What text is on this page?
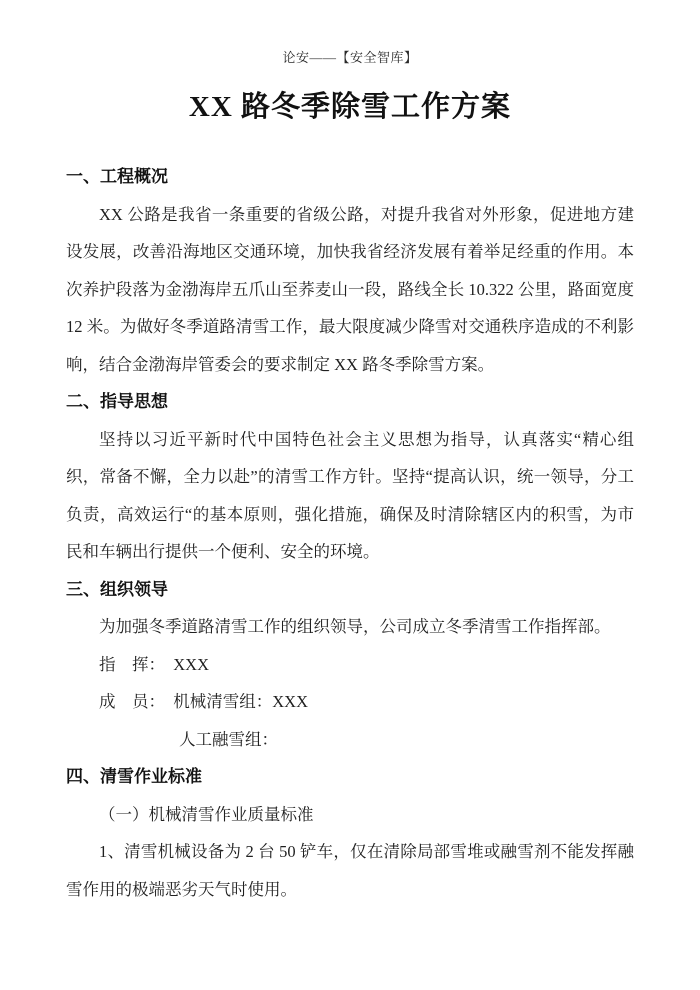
论安——【安全智库】
XX 路冬季除雪工作方案
一、工程概况

XX 公路是我省一条重要的省级公路，对提升我省对外形象，促进地方建设发展，改善沿海地区交通环境，加快我省经济发展有着举足经重的作用。本次养护段落为金渤海岸五爪山至荞麦山一段，路线全长 10.322 公里，路面宽度 12 米。为做好冬季道路清雪工作，最大限度减少降雪对交通秩序造成的不利影响，结合金渤海岸管委会的要求制定 XX 路冬季除雪方案。

二、指导思想

坚持以习近平新时代中国特色社会主义思想为指导，认真落实“精心组织，常备不懈，全力以赴”的清雪工作方针。坚持“提高认识，统一领导，分工负责，高效运行“的基本原则，强化措施，确保及时清除辖区内的积雪，为市民和车辆出行提供一个便利、安全的环境。

三、组织领导

为加强冬季道路清雪工作的组织领导，公司成立冬季清雪工作指挥部。

指　挥：　XXX

成　员：　机械清雪组：XXX

人工融雪组：

四、清雪作业标准

（一）机械清雪作业质量标准

1、清雪机械设备为 2 台 50 铲车，仅在清除局部雪堆或融雪剂不能发挥融雪作用的极端恶劣天气时使用。
